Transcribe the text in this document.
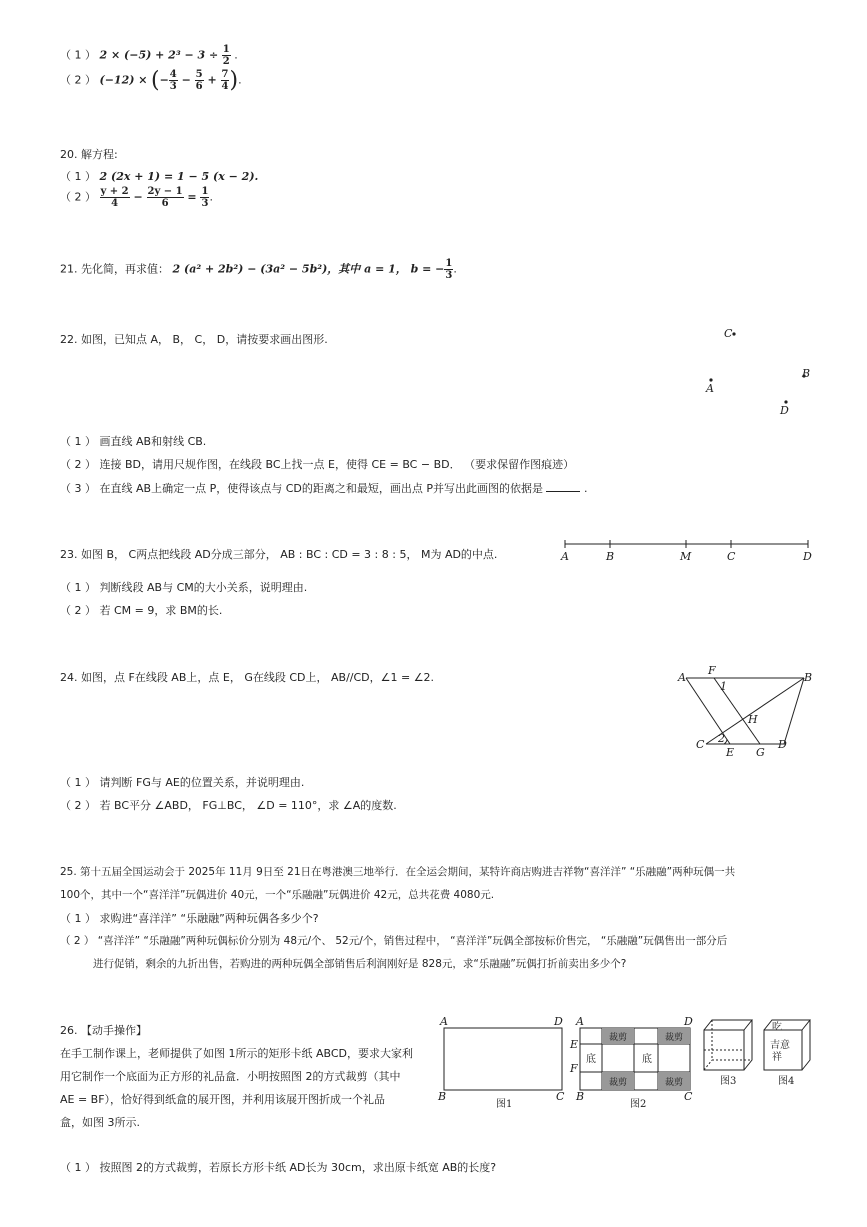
（ 1 ） $2 \times (-5) + 2^3 - 3 \div \frac{1}{2}$ .
（ 2 ） (−12) × (− $\frac{4}{3} - \frac{5}{6} + \frac{7}{4}$ ).
20. 解方程:
（ 1 ） 2 (2x + 1) = 1 − 5 (x − 2).
（ 2 ） $\frac{y + 2}{4} - \frac{2y - 1}{6} = \frac{1}{3}$ .
21. 先化简，再求值： 2 (a² + 2b²) − (3a² − 5b²)，其中 a = 1， b = − $\frac{1}{3}$ .
22. 如图，已知点 A， B， C， D，请按要求画出图形.	C
A
B
D
（ 1 ） 画直线 AB和射线 CB.
（ 2 ） 连接 BD，请用尺规作图，在线段 BC上找一点 E，使得 CE = BC − BD． （要求保留作图痕迹）
（ 3 ） 在直线 AB上确定一点 P，使得该点与 CD的距离之和最短，画出点 P并写出此画图的依据是	.
23. 如图 B， C两点把线段 AD分成三部分， AB : BC : CD = 3 : 8 : 5， M为 AD的中点.	A	B	M	C	D
（ 1 ） 判断线段 AB与 CM的大小关系，说明理由.
（ 2 ） 若 CM = 9，求 BM的长.
24. 如图，点 F在线段 AB上，点 E， G在线段 CD上， AB//CD，∠1 = ∠2.	A
F
B
1
H
C 2
E G
D
（ 1 ） 请判断 FG与 AE的位置关系，并说明理由.
（ 2 ） 若 BC平分 ∠ABD， FG⊥BC， ∠D = 110°，求 ∠A的度数.
25. 第十五届全国运动会于 2025年 11月 9日至 21日在粤港澳三地举行．在全运会期间，某特许商店购进吉祥物“喜洋洋” “乐融融”两种玩偶一共
100个，其中一个“喜洋洋”玩偶进价 40元，一个“乐融融”玩偶进价 42元，总共花费 4080元.
（ 1 ） 求购进“喜洋洋” “乐融融”两种玩偶各多少个?
（ 2 ） “喜洋洋” “乐融融”两种玩偶标价分别为 48元/个、 52元/个，销售过程中， “喜洋洋”玩偶全部按标价售完， “乐融融”玩偶售出一部分后
进行促销，剩余的九折出售，若购进的两种玩偶全部销售后利润刚好是 828元，求“乐融融”玩偶打折前卖出多少个?
26. 【动手操作】
在手工制作课上，老师提供了如图 1所示的矩形卡纸 ABCD，要求大家利
用它制作一个底面为正方形的礼品盒．小明按照图 2的方式裁剪（其中
AE = BF），恰好得到纸盒的展开图，并利用该展开图折成一个礼品
盒，如图 3所示.
A	D
B	C
图1
裁剪	裁剪
裁剪	裁剪
底	底
A	D
E
F
B	C
图2
图3
吃
吉意
祥
图4
（ 1 ） 按照图 2的方式裁剪，若原长方形卡纸 AD长为 30cm，求出原卡纸宽 AB的长度?
